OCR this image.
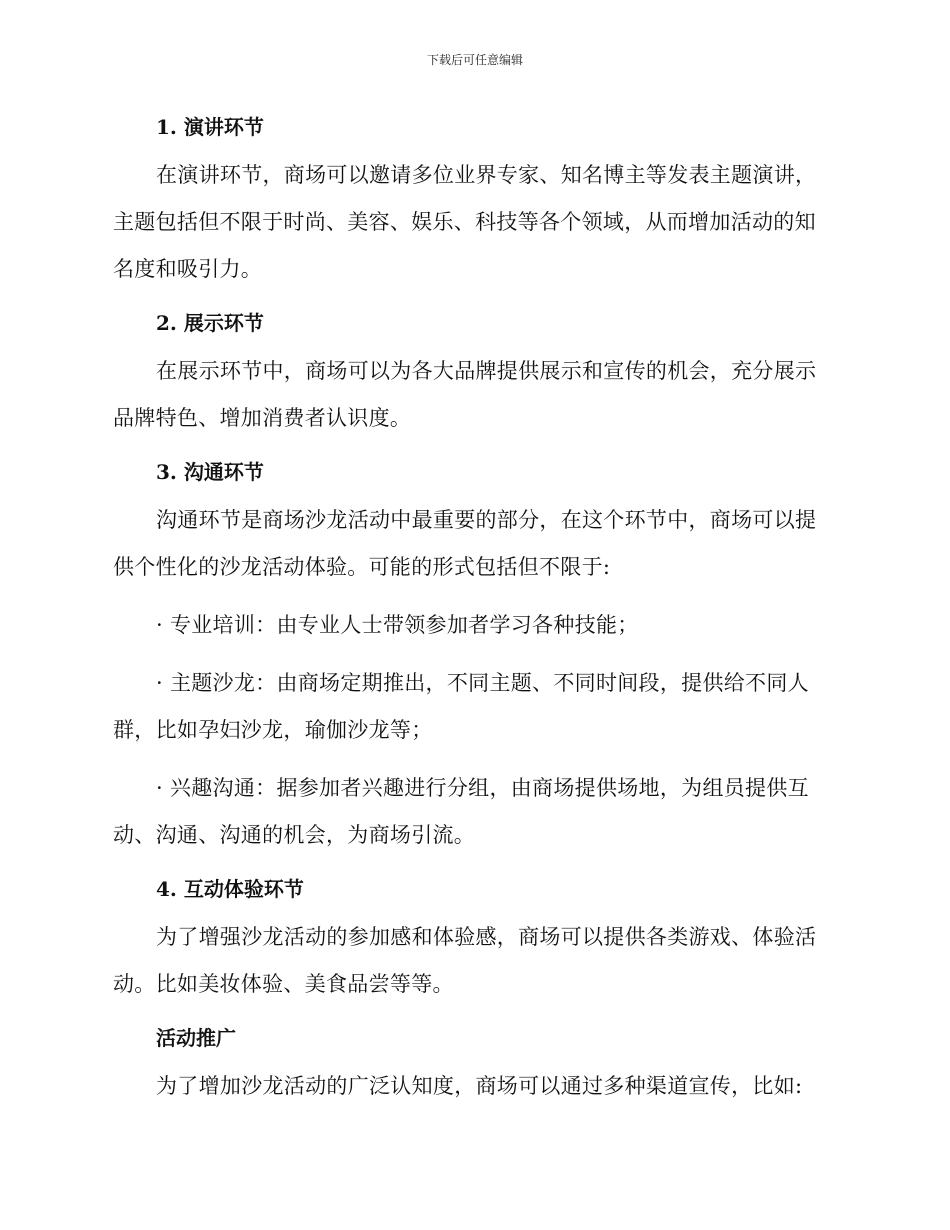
下载后可任意编辑
1. 演讲环节

在演讲环节，商场可以邀请多位业界专家、知名博主等发表主题演讲，主题包括但不限于时尚、美容、娱乐、科技等各个领域，从而增加活动的知名度和吸引力。

2. 展示环节

在展示环节中，商场可以为各大品牌提供展示和宣传的机会，充分展示品牌特色、增加消费者认识度。

3. 沟通环节

沟通环节是商场沙龙活动中最重要的部分，在这个环节中，商场可以提供个性化的沙龙活动体验。可能的形式包括但不限于:

· 专业培训：由专业人士带领参加者学习各种技能；

· 主题沙龙：由商场定期推出，不同主题、不同时间段，提供给不同人群，比如孕妇沙龙，瑜伽沙龙等；

· 兴趣沟通：据参加者兴趣进行分组，由商场提供场地，为组员提供互动、沟通、沟通的机会，为商场引流。

4. 互动体验环节

为了增强沙龙活动的参加感和体验感，商场可以提供各类游戏、体验活动。比如美妆体验、美食品尝等等。

活动推广

为了增加沙龙活动的广泛认知度，商场可以通过多种渠道宣传，比如:
